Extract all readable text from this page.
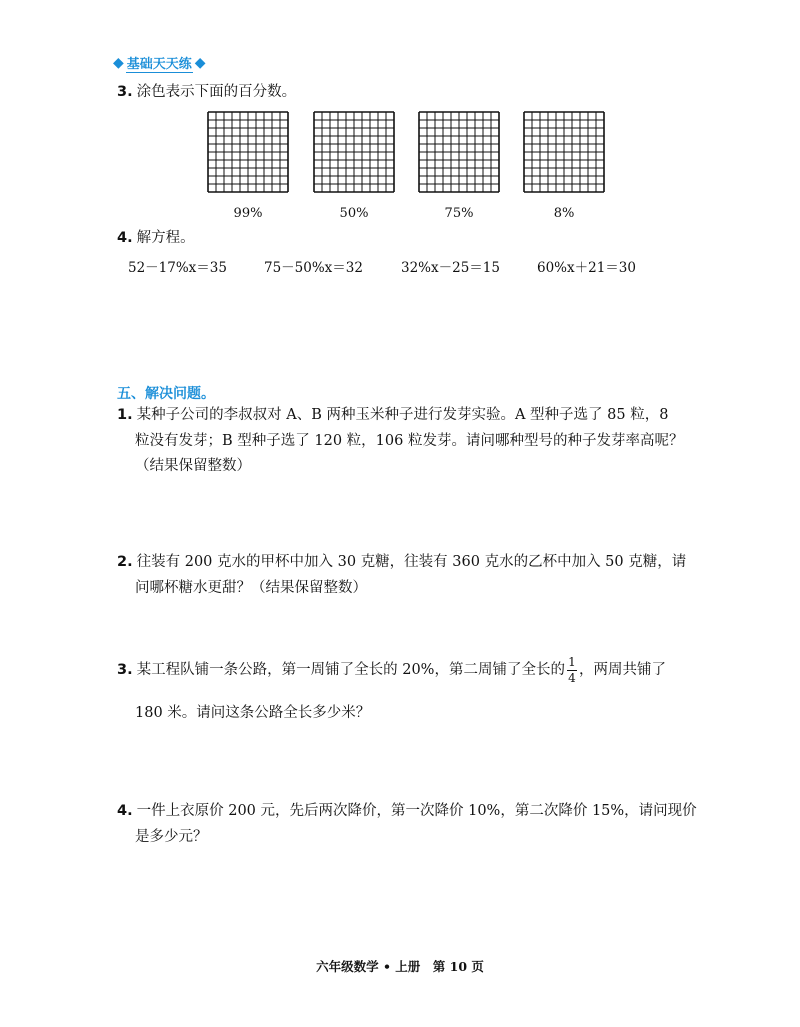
◆ 基础天天练 ◆
3. 涂色表示下面的百分数。
99%	50%	75%	8%
4. 解方程。
52－17%x＝35	75－50%x＝32	32%x－25＝15	60%x＋21＝30
五、解决问题。
1. 某种子公司的李叔叔对 A、B 两种玉米种子进行发芽实验。A 型种子选了 85 粒，8
粒没有发芽；B 型种子选了 120 粒，106 粒发芽。请问哪种型号的种子发芽率高呢？
（结果保留整数）
2. 往装有 200 克水的甲杯中加入 30 克糖，往装有 360 克水的乙杯中加入 50 克糖，请
问哪杯糖水更甜？（结果保留整数）
3. 某工程队铺一条公路，第一周铺了全长的 20%，第二周铺了全长的 $\frac{1}{4}$ ，两周共铺了
180 米。请问这条公路全长多少米？
4. 一件上衣原价 200 元，先后两次降价，第一次降价 10%，第二次降价 15%，请问现价
是多少元？
六年级数学 • 上册　第 10 页
